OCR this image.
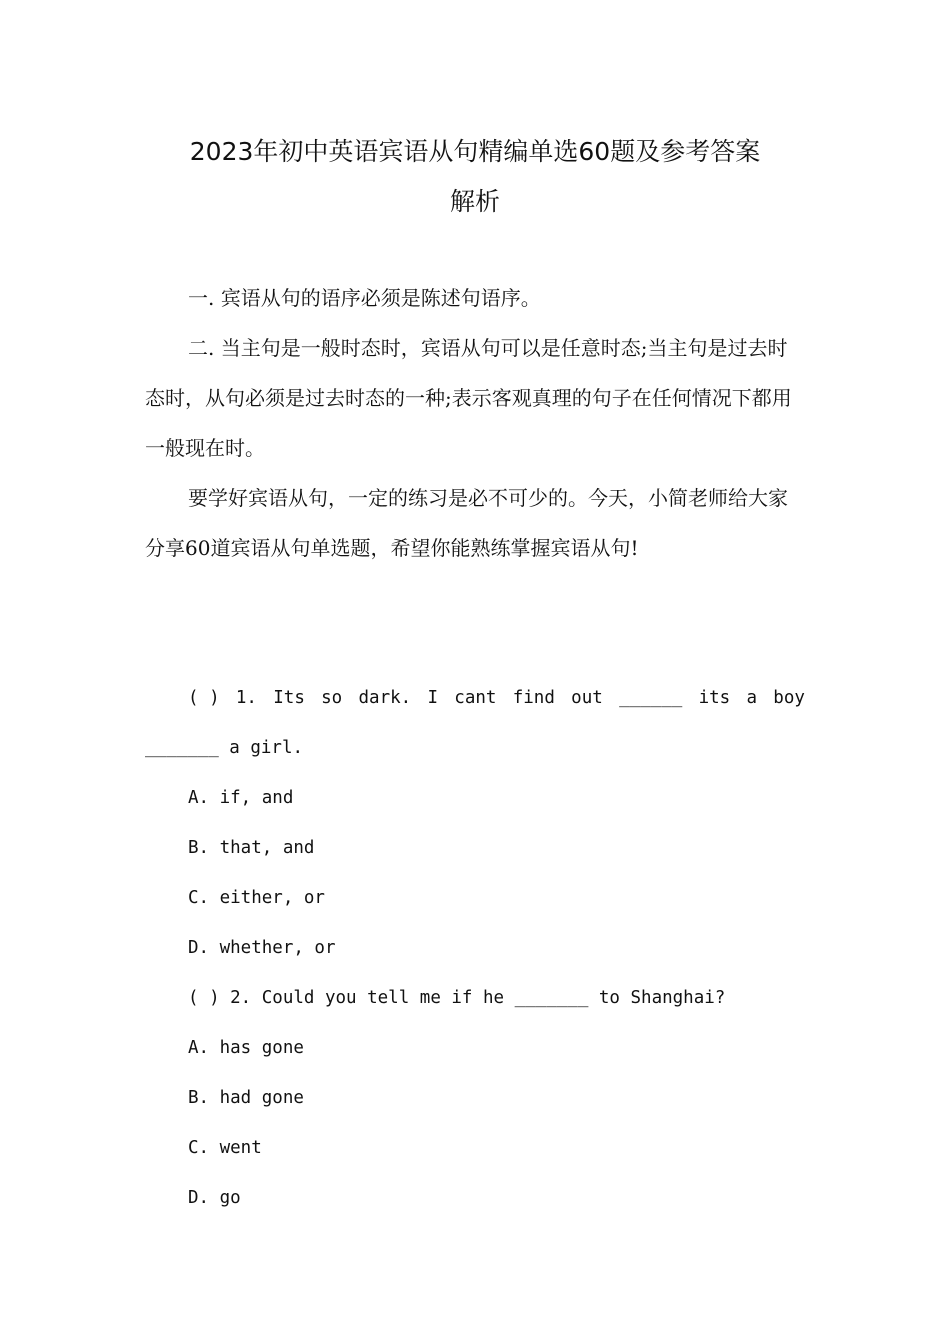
2023年初中英语宾语从句精编单选60题及参考答案
解析

一. 宾语从句的语序必须是陈述句语序。

二. 当主句是一般时态时，宾语从句可以是任意时态;当主句是过去时态时，从句必须是过去时态的一种;表示客观真理的句子在任何情况下都用一般现在时。

要学好宾语从句，一定的练习是必不可少的。今天，小简老师给大家分享60道宾语从句单选题，希望你能熟练掌握宾语从句!

( ) 1. Its so dark. I cant find out ______ its a boy
_______ a girl.
A. if, and
B. that, and
C. either, or
D. whether, or
( ) 2. Could you tell me if he _______ to Shanghai?
A. has gone
B. had gone
C. went
D. go
